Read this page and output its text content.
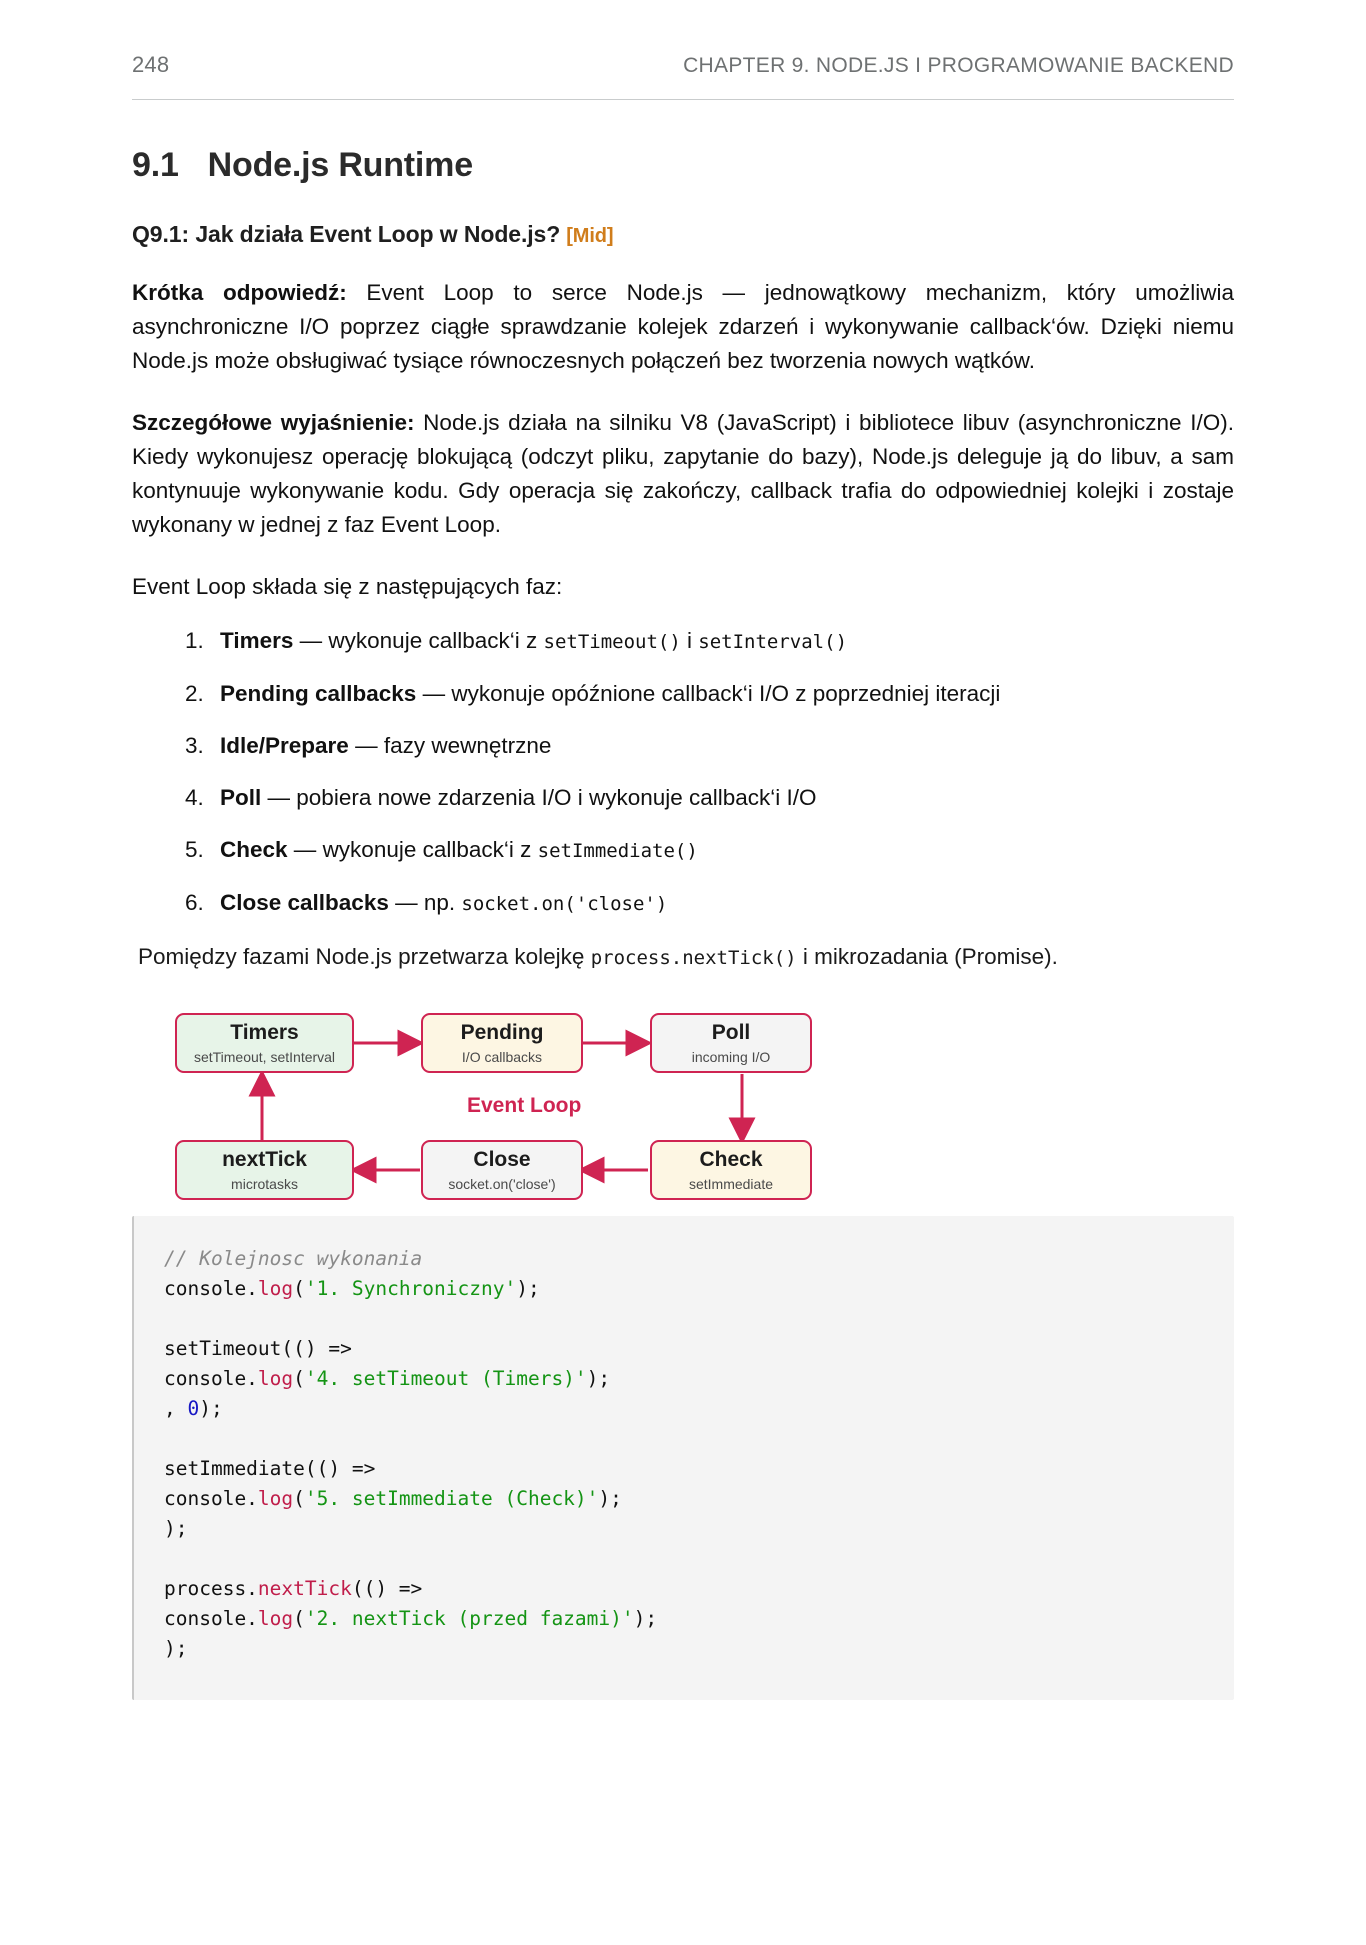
248	CHAPTER 9. NODE.JS I PROGRAMOWANIE BACKEND
9.1 Node.js Runtime
Q9.1: Jak działa Event Loop w Node.js? [Mid]

Krótka odpowiedź: Event Loop to serce Node.js — jednowątkowy mechanizm, który umożliwia asynchroniczne I/O poprzez ciągłe sprawdzanie kolejek zdarzeń i wykonywanie callback‘ów. Dzięki niemu Node.js może obsługiwać tysiące równoczesnych połączeń bez tworzenia nowych wątków.

Szczegółowe wyjaśnienie: Node.js działa na silniku V8 (JavaScript) i bibliotece libuv (asynchroniczne I/O). Kiedy wykonujesz operację blokującą (odczyt pliku, zapytanie do bazy), Node.js deleguje ją do libuv, a sam kontynuuje wykonywanie kodu. Gdy operacja się zakończy, callback trafia do odpowiedniej kolejki i zostaje wykonany w jednej z faz Event Loop.

Event Loop składa się z następujących faz:

1. Timers — wykonuje callback‘i z setTimeout() i setInterval()
2. Pending callbacks — wykonuje opóźnione callback‘i I/O z poprzedniej iteracji
3. Idle/Prepare — fazy wewnętrzne
4. Poll — pobiera nowe zdarzenia I/O i wykonuje callback‘i I/O
5. Check — wykonuje callback‘i z setImmediate()
6. Close callbacks — np. socket.on('close')

Pomiędzy fazami Node.js przetwarza kolejkę process.nextTick() i mikrozadania (Promise).

Timers
setTimeout, setInterval
Pending
I/O callbacks
Poll
incoming I/O
Check
setImmediate
Close
socket.on('close')
nextTick
microtasks
Event Loop
// Kolejnosc wykonania
console.log('1. Synchroniczny');

setTimeout(() =>
console.log('4. setTimeout (Timers)');
, 0);

setImmediate(() =>
console.log('5. setImmediate (Check)');
);

process.nextTick(() =>
console.log('2. nextTick (przed fazami)');
);
